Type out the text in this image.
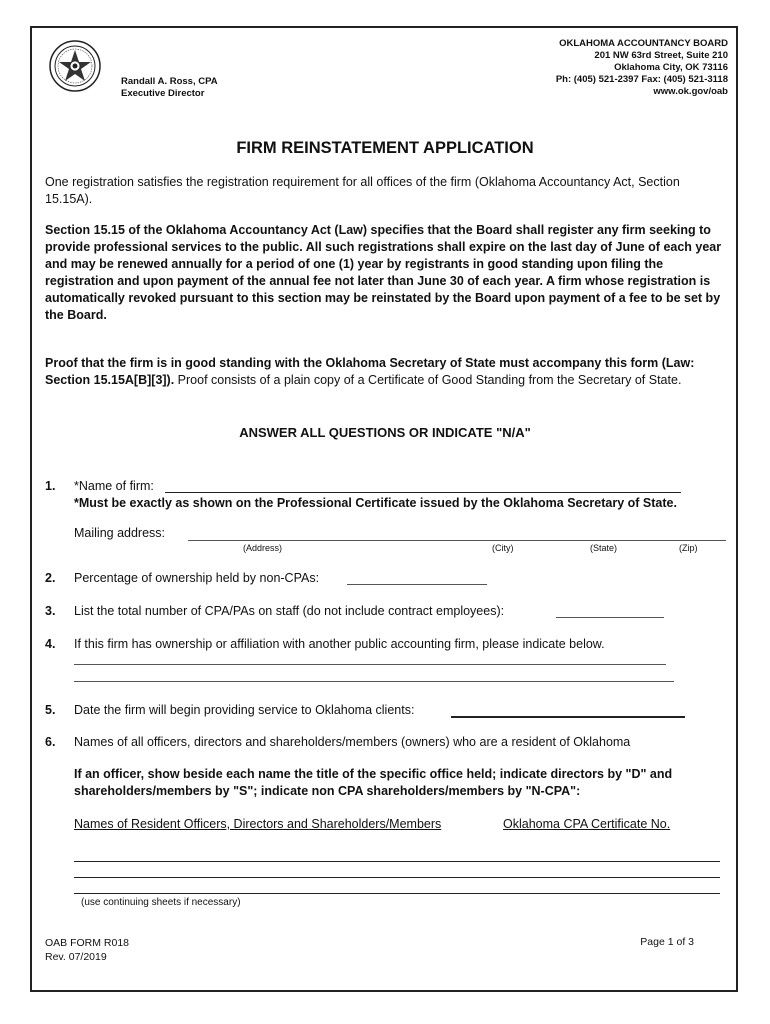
Randall A. Ross, CPA
Executive Director
OKLAHOMA ACCOUNTANCY BOARD
201 NW 63rd Street, Suite 210
Oklahoma City, OK 73116
Ph: (405) 521-2397 Fax: (405) 521-3118
www.ok.gov/oab
FIRM REINSTATEMENT APPLICATION
One registration satisfies the registration requirement for all offices of the firm (Oklahoma Accountancy Act, Section 15.15A).
Section 15.15 of the Oklahoma Accountancy Act (Law) specifies that the Board shall register any firm seeking to provide professional services to the public. All such registrations shall expire on the last day of June of each year and may be renewed annually for a period of one (1) year by registrants in good standing upon filing the registration and upon payment of the annual fee not later than June 30 of each year. A firm whose registration is automatically revoked pursuant to this section may be reinstated by the Board upon payment of a fee to be set by the Board.
Proof that the firm is in good standing with the Oklahoma Secretary of State must accompany this form (Law: Section 15.15A[B][3]). Proof consists of a plain copy of a Certificate of Good Standing from the Secretary of State.
ANSWER ALL QUESTIONS OR INDICATE "N/A"
1. *Name of firm:
*Must be exactly as shown on the Professional Certificate issued by the Oklahoma Secretary of State.
Mailing address:
(Address)	(City)	(State)	(Zip)
2. Percentage of ownership held by non-CPAs:
3. List the total number of CPA/PAs on staff (do not include contract employees):
4. If this firm has ownership or affiliation with another public accounting firm, please indicate below.
5. Date the firm will begin providing service to Oklahoma clients:
6. Names of all officers, directors and shareholders/members (owners) who are a resident of Oklahoma
If an officer, show beside each name the title of the specific office held; indicate directors by "D" and shareholders/members by "S"; indicate non CPA shareholders/members by "N-CPA":
Names of Resident Officers, Directors and Shareholders/Members	Oklahoma CPA Certificate No.
(use continuing sheets if necessary)
OAB FORM R018
Rev. 07/2019
Page 1 of 3
